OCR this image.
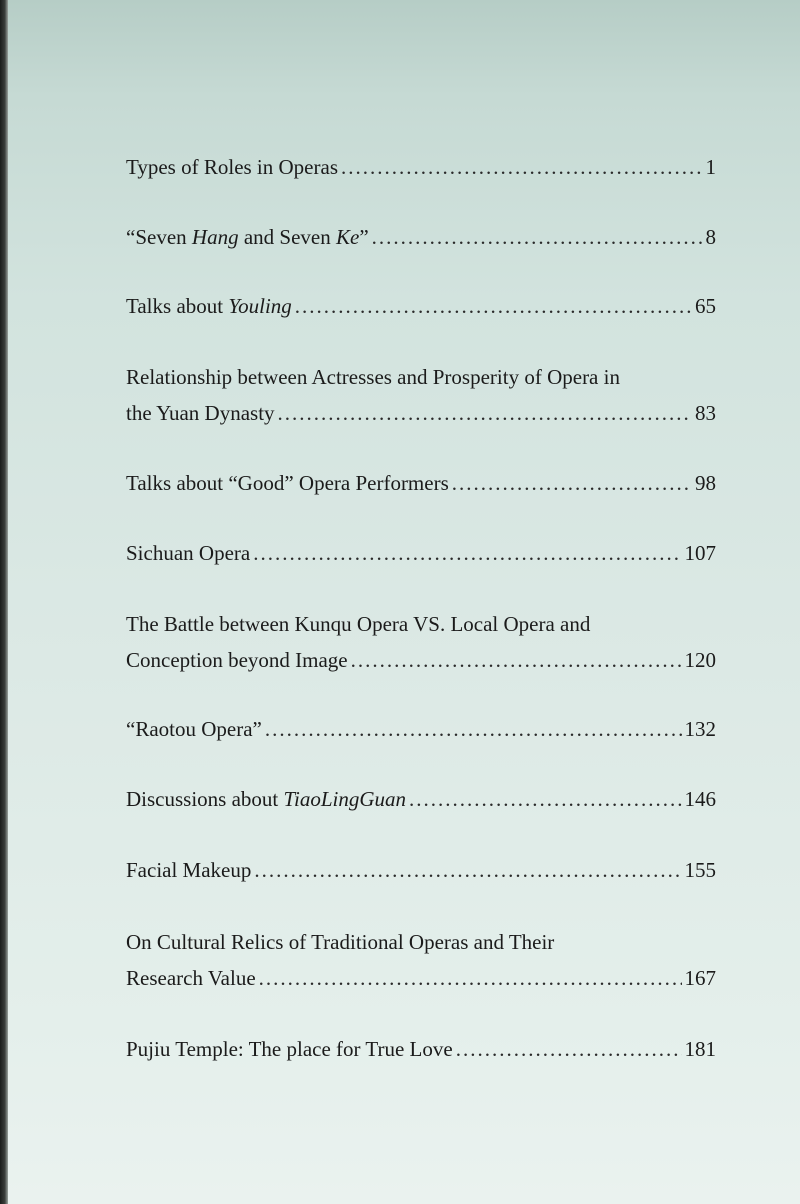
Types of Roles in Operas .....	1
“Seven Hang and Seven Ke” .....	8
Talks about Youling .....	65
Relationship between Actresses and Prosperity of Opera in
the Yuan Dynasty .....	83
Talks about “Good” Opera Performers .....	98
Sichuan Opera .....	107
The Battle between Kunqu Opera VS. Local Opera and
Conception beyond Image .....	120
“Raotou Opera” .....	132
Discussions about TiaoLingGuan .....	146
Facial Makeup .....	155
On Cultural Relics of Traditional Operas and Their
Research Value .....	167
Pujiu Temple: The place for True Love .....	181
